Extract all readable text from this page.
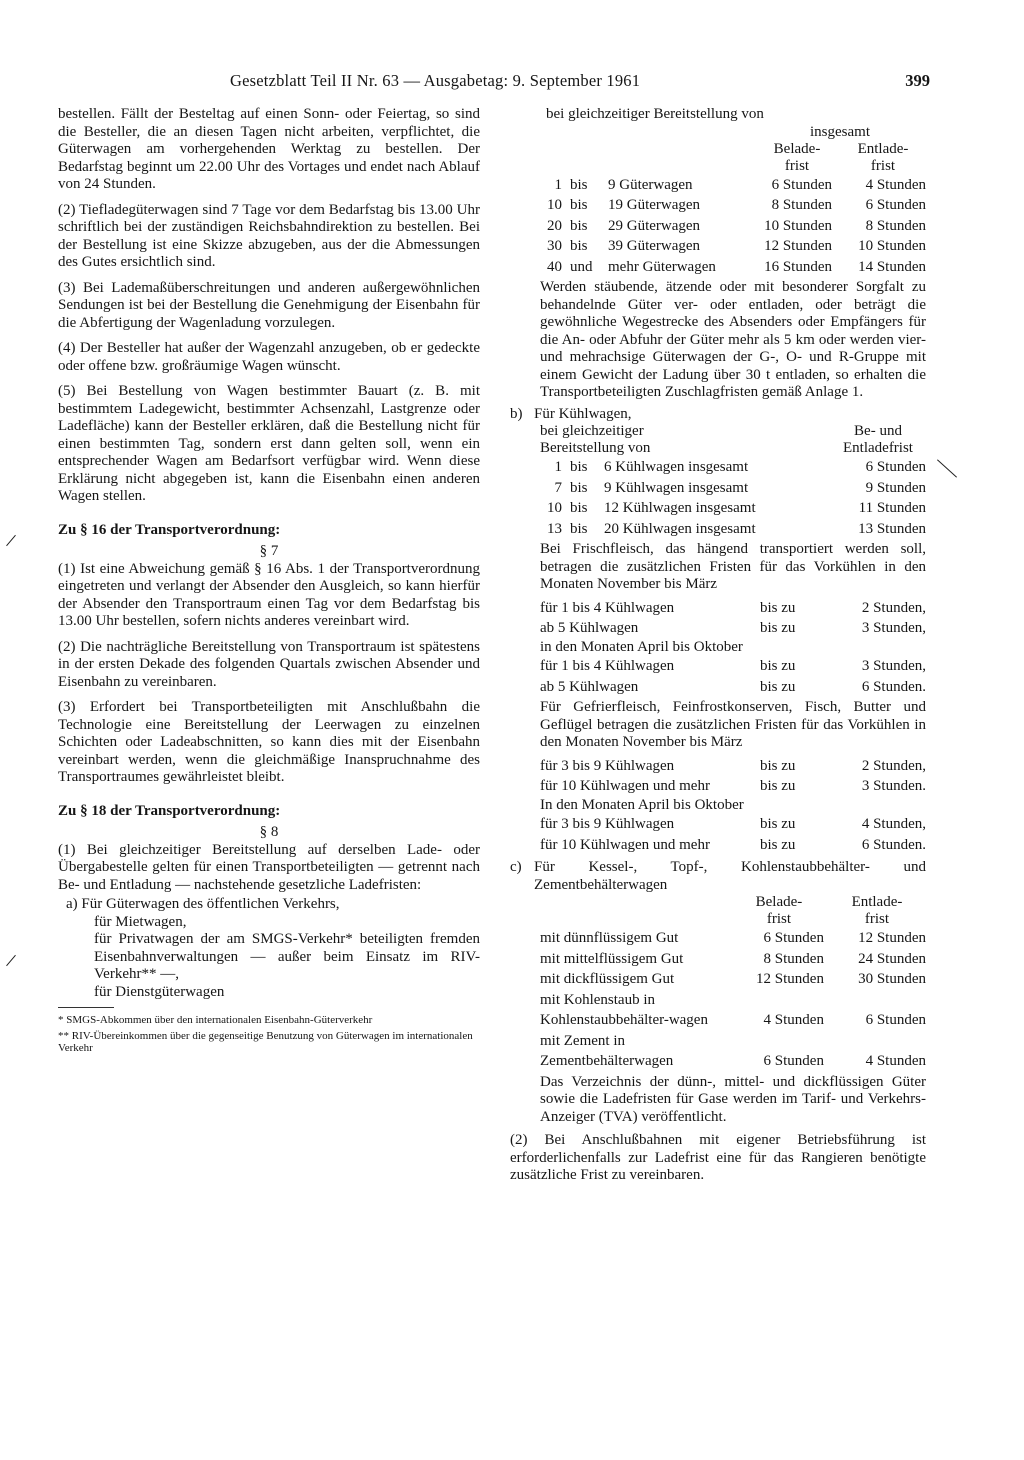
Gesetzblatt Teil II Nr. 63 — Ausgabetag: 9. September 1961	399
bestellen. Fällt der Besteltag auf einen Sonn- oder Feiertag, so sind die Besteller, die an diesen Tagen nicht arbeiten, verpflichtet, die Güterwagen am vorhergehenden Werktag zu bestellen. Der Bedarfstag beginnt um 22.00 Uhr des Vortages und endet nach Ablauf von 24 Stunden.
(2) Tiefladegüterwagen sind 7 Tage vor dem Bedarfstag bis 13.00 Uhr schriftlich bei der zuständigen Reichsbahndirektion zu bestellen. Bei der Bestellung ist eine Skizze abzugeben, aus der die Abmessungen des Gutes ersichtlich sind.
(3) Bei Lademaßüberschreitungen und anderen außergewöhnlichen Sendungen ist bei der Bestellung die Genehmigung der Eisenbahn für die Abfertigung der Wagenladung vorzulegen.
(4) Der Besteller hat außer der Wagenzahl anzugeben, ob er gedeckte oder offene bzw. großräumige Wagen wünscht.
(5) Bei Bestellung von Wagen bestimmter Bauart (z. B. mit bestimmtem Ladegewicht, bestimmter Achsenzahl, Lastgrenze oder Ladefläche) kann der Besteller erklären, daß die Bestellung nicht für einen bestimmten Tag, sondern erst dann gelten soll, wenn ein entsprechender Wagen am Bedarfsort verfügbar wird. Wenn diese Erklärung nicht abgegeben ist, kann die Eisenbahn einen anderen Wagen stellen.
Zu § 16 der Transportverordnung:
§ 7
(1) Ist eine Abweichung gemäß § 16 Abs. 1 der Transportverordnung eingetreten und verlangt der Absender den Ausgleich, so kann hierfür der Absender den Transportraum einen Tag vor dem Bedarfstag bis 13.00 Uhr bestellen, sofern nichts anderes vereinbart wird.
(2) Die nachträgliche Bereitstellung von Transportraum ist spätestens in der ersten Dekade des folgenden Quartals zwischen Absender und Eisenbahn zu vereinbaren.
(3) Erfordert bei Transportbeteiligten mit Anschlußbahn die Technologie eine Bereitstellung der Leerwagen zu einzelnen Schichten oder Ladeabschnitten, so kann dies mit der Eisenbahn vereinbart werden, wenn die gleichmäßige Inanspruchnahme des Transportraumes gewährleistet bleibt.
Zu § 18 der Transportverordnung:
§ 8
(1) Bei gleichzeitiger Bereitstellung auf derselben Lade- oder Übergabestelle gelten für einen Transportbeteiligten — getrennt nach Be- und Entladung — nachstehende gesetzliche Ladefristen:

a) Für Güterwagen des öffentlichen Verkehrs,

für Mietwagen,

für Privatwagen der am SMGS-Verkehr* beteiligten fremden Eisenbahnverwaltungen — außer beim Einsatz im RIV-Verkehr** —,

für Dienstgüterwagen

* SMGS-Abkommen über den internationalen Eisenbahn-Güterverkehr
** RIV-Übereinkommen über die gegenseitige Benutzung von Güterwagen im internationalen Verkehr
bei gleichzeitiger Bereitstellung von
			insgesamt	
			Belade-
frist	Entlade-
frist
1	bis	9 Güterwagen	6 Stunden	4 Stunden
10	bis	19 Güterwagen	8 Stunden	6 Stunden
20	bis	29 Güterwagen	10 Stunden	8 Stunden
30	bis	39 Güterwagen	12 Stunden	10 Stunden
40	und	mehr Güterwagen	16 Stunden	14 Stunden
Werden stäubende, ätzende oder mit besonderer Sorgfalt zu behandelnde Güter ver- oder entladen, oder beträgt die gewöhnliche Wegestrecke des Absenders oder Empfängers für die An- oder Abfuhr der Güter mehr als 5 km oder werden vier- und mehrachsige Güterwagen der G-, O- und R-Gruppe mit einem Gewicht der Ladung über 30 t entladen, so erhalten die Transportbeteiligten Zuschlagfristen gemäß Anlage 1.
b) Für Kühlwagen,
bei gleichzeitiger
Bereitstellung von			Be- und
Entladefrist
1	bis	6 Kühlwagen insgesamt	6 Stunden
7	bis	9 Kühlwagen insgesamt	9 Stunden
10	bis	12 Kühlwagen insgesamt	11 Stunden
13	bis	20 Kühlwagen insgesamt	13 Stunden
Bei Frischfleisch, das hängend transportiert werden soll, betragen die zusätzlichen Fristen für das Vorkühlen in den Monaten November bis März
für 1 bis 4 Kühlwagen	bis zu	2 Stunden,
ab 5 Kühlwagen	bis zu	3 Stunden,
in den Monaten April bis Oktober
für 1 bis 4 Kühlwagen	bis zu	3 Stunden,
ab 5 Kühlwagen	bis zu	6 Stunden.
Für Gefrierfleisch, Feinfrostkonserven, Fisch, Butter und Geflügel betragen die zusätzlichen Fristen für das Vorkühlen in den Monaten November bis März
für 3 bis 9 Kühlwagen	bis zu	2 Stunden,
für 10 Kühlwagen und mehr	bis zu	3 Stunden.
In den Monaten April bis Oktober
für 3 bis 9 Kühlwagen	bis zu	4 Stunden,
für 10 Kühlwagen und mehr	bis zu	6 Stunden.
c) Für Kessel-, Topf-, Kohlenstaubbehälter- und Zementbehälterwagen
	Belade-
frist	Entlade-
frist
mit dünnflüssigem Gut	6 Stunden	12 Stunden
mit mittelflüssigem Gut	8 Stunden	24 Stunden
mit dickflüssigem Gut	12 Stunden	30 Stunden
mit Kohlenstaub in Kohlenstaubbehälter-wagen	4 Stunden	6 Stunden
mit Zement in Zementbehälterwagen	6 Stunden	4 Stunden
Das Verzeichnis der dünn-, mittel- und dickflüssigen Güter sowie die Ladefristen für Gase werden im Tarif- und Verkehrs-Anzeiger (TVA) veröffentlicht.
(2) Bei Anschlußbahnen mit eigener Betriebsführung ist erforderlichenfalls zur Ladefrist eine für das Rangieren benötigte zusätzliche Frist zu vereinbaren.
